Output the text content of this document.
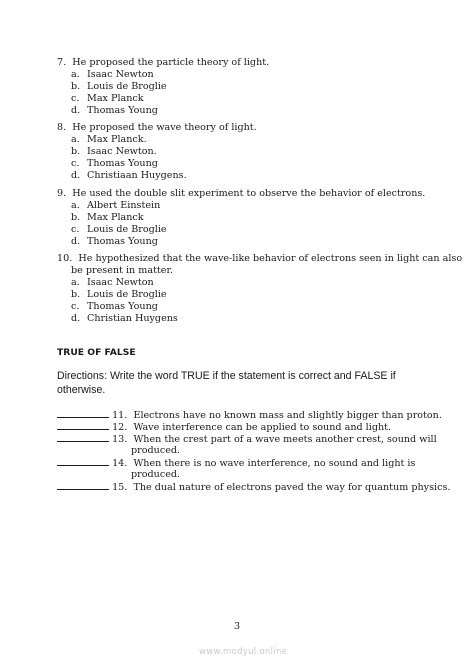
7. He proposed the particle theory of light.
a. Isaac Newton
b. Louis de Broglie
c. Max Planck
d. Thomas Young
8. He proposed the wave theory of light.
a. Max Planck.
b. Isaac Newton.
c. Thomas Young
d. Christiaan Huygens.
9. He used the double slit experiment to observe the behavior of electrons.
a. Albert Einstein
b. Max Planck
c. Louis de Broglie
d. Thomas Young
10. He hypothesized that the wave-like behavior of electrons seen in light can also
be present in matter.
a. Isaac Newton
b. Louis de Broglie
c. Thomas Young
d. Christian Huygens
TRUE OF FALSE
Directions: Write the word TRUE if the statement is correct and FALSE if
otherwise.
11. Electrons have no known mass and slightly bigger than proton.
12. Wave interference can be applied to sound and light.
13. When the crest part of a wave meets another crest, sound will
produced.
14. When there is no wave interference, no sound and light is
produced.
15. The dual nature of electrons paved the way for quantum physics.
3
www.modyul.online
